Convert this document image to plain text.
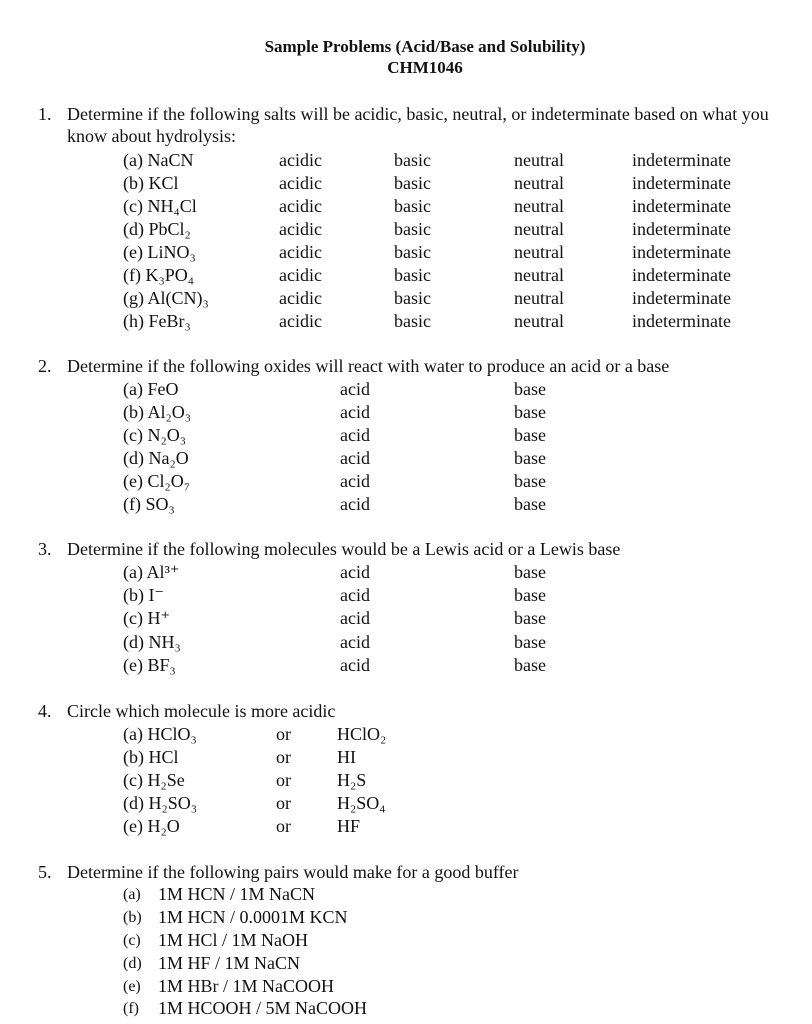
Sample Problems (Acid/Base and Solubility)
CHM1046
1. Determine if the following salts will be acidic, basic, neutral, or indeterminate based on what you know about hydrolysis:
(a) NaCN	acidic	basic	neutral	indeterminate
(b) KCl	acidic	basic	neutral	indeterminate
(c) NH₄Cl	acidic	basic	neutral	indeterminate
(d) PbCl₂	acidic	basic	neutral	indeterminate
(e) LiNO₃	acidic	basic	neutral	indeterminate
(f) K₃PO₄	acidic	basic	neutral	indeterminate
(g) Al(CN)₃	acidic	basic	neutral	indeterminate
(h) FeBr₃	acidic	basic	neutral	indeterminate
2. Determine if the following oxides will react with water to produce an acid or a base
(a) FeO	acid	base
(b) Al₂O₃	acid	base
(c) N₂O₃	acid	base
(d) Na₂O	acid	base
(e) Cl₂O₇	acid	base
(f) SO₃	acid	base
3. Determine if the following molecules would be a Lewis acid or a Lewis base
(a) Al³⁺	acid	base
(b) I⁻	acid	base
(c) H⁺	acid	base
(d) NH₃	acid	base
(e) BF₃	acid	base
4. Circle which molecule is more acidic
(a) HClO₃	or	HClO₂
(b) HCl	or	HI
(c) H₂Se	or	H₂S
(d) H₂SO₃	or	H₂SO₄
(e) H₂O	or	HF
5. Determine if the following pairs would make for a good buffer
(a) 1M HCN / 1M NaCN
(b) 1M HCN / 0.0001M KCN
(c) 1M HCl / 1M NaOH
(d) 1M HF / 1M NaCN
(e) 1M HBr / 1M NaCOOH
(f) 1M HCOOH / 5M NaCOOH
